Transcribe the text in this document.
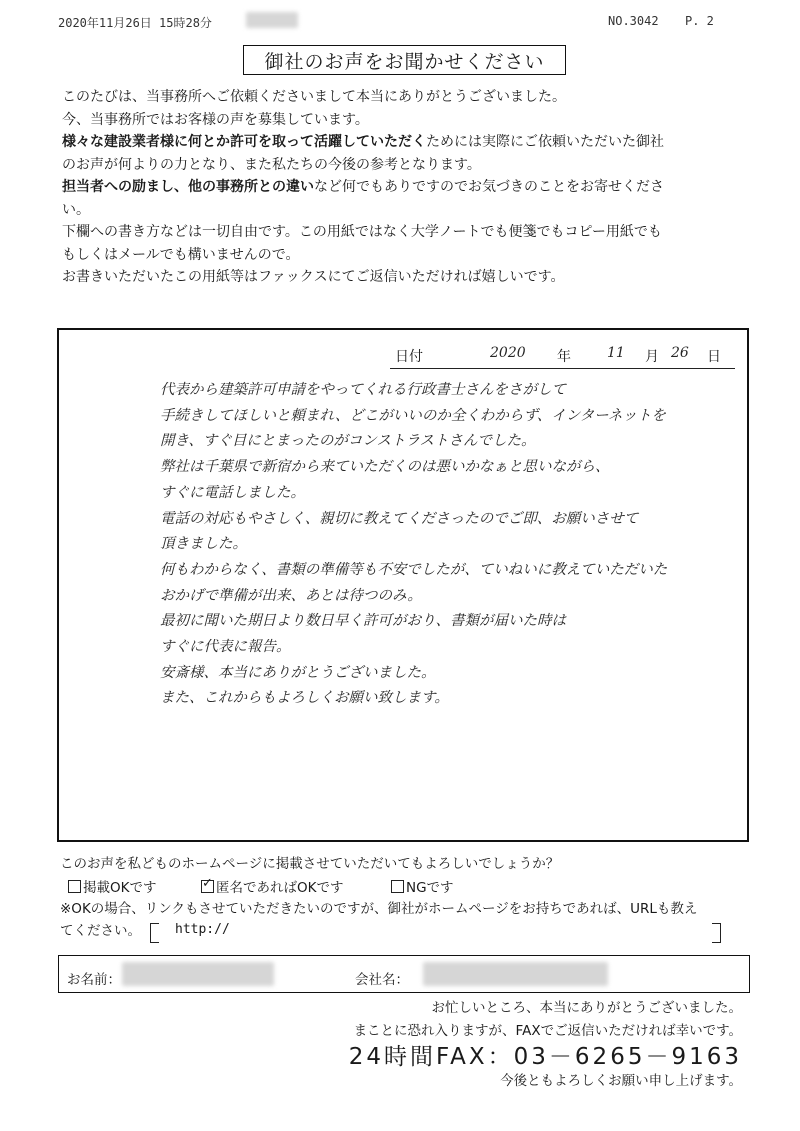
2020年11月26日 15時28分	NO.3042 P. 2
御社のお声をお聞かせください

このたびは、当事務所へご依頼くださいまして本当にありがとうございました。

今、当事務所ではお客様の声を募集しています。

様々な建設業者様に何とか許可を取って活躍していただくためには実際にご依頼いただいた御社

のお声が何よりの力となり、また私たちの今後の参考となります。

担当者への励まし、他の事務所との違いなど何でもありですのでお気づきのことをお寄せくださ

い。

下欄への書き方などは一切自由です。この用紙ではなく大学ノートでも便箋でもコピー用紙でも

もしくはメールでも構いませんので。

お書きいただいたこの用紙等はファックスにてご返信いただければ嬉しいです。

日付	2020 年	11 月 26 日
代表から建築許可申請をやってくれる行政書士さんをさがして
手続きしてほしいと頼まれ、どこがいいのか全くわからず、インターネットを
開き、すぐ目にとまったのがコンストラストさんでした。
弊社は千葉県で新宿から来ていただくのは悪いかなぁと思いながら、
すぐに電話しました。
電話の対応もやさしく、親切に教えてくださったのでご即、お願いさせて
頂きました。
何もわからなく、書類の準備等も不安でしたが、ていねいに教えていただいた
おかげで準備が出来、あとは待つのみ。
最初に聞いた期日より数日早く許可がおり、書類が届いた時は
すぐに代表に報告。
安斎様、本当にありがとうございました。
また、これからもよろしくお願い致します。
このお声を私どものホームページに掲載させていただいてもよろしいでしょうか？
掲載OKです
✓	匿名であればOKです	NGです
※OKの場合、リンクもさせていただきたいのですが、御社がホームページをお持ちであれば、URLも教え
てください。	http://
お名前：	会社名：
お忙しいところ、本当にありがとうございました。
まことに恐れ入りますが、FAXでご返信いただければ幸いです。
24時間FAX：03－6265－9163
今後ともよろしくお願い申し上げます。
